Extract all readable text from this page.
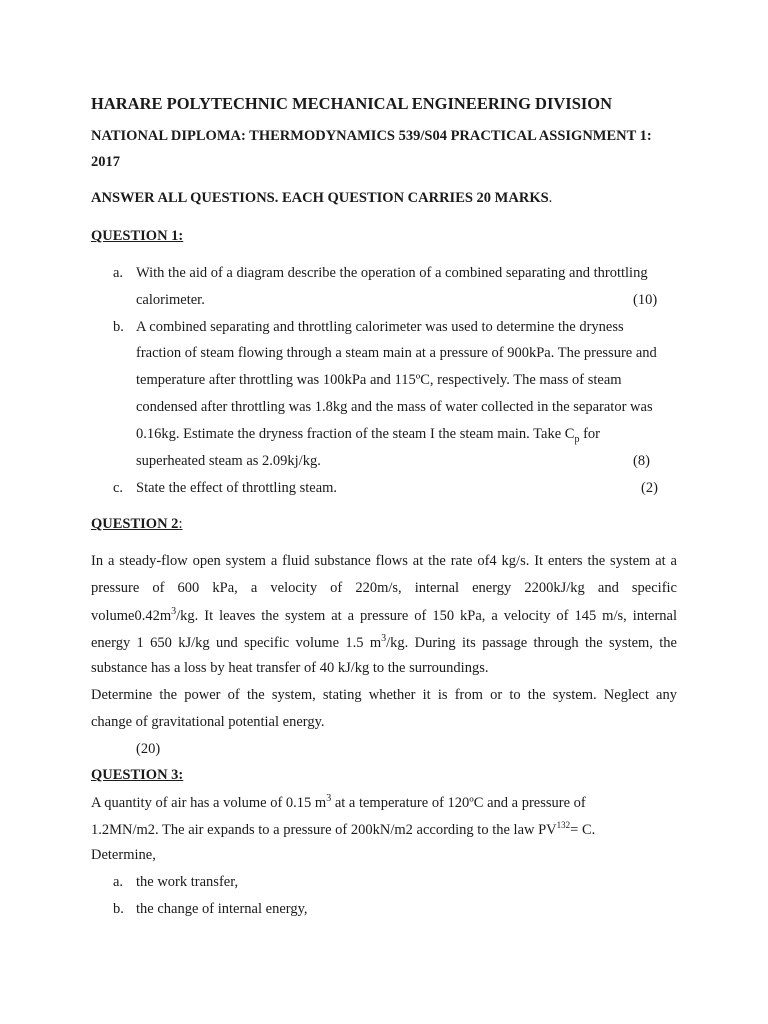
HARARE POLYTECHNIC MECHANICAL ENGINEERING DIVISION
NATIONAL DIPLOMA: THERMODYNAMICS 539/S04 PRACTICAL ASSIGNMENT 1:
2017
ANSWER ALL QUESTIONS. EACH QUESTION CARRIES 20 MARKS.
QUESTION 1:
a. With the aid of a diagram describe the operation of a combined separating and throttling
calorimeter.	(10)
b. A combined separating and throttling calorimeter was used to determine the dryness
fraction of steam flowing through a steam main at a pressure of 900kPa. The pressure and
temperature after throttling was 100kPa and 115ºC, respectively. The mass of steam
condensed after throttling was 1.8kg and the mass of water collected in the separator was
0.16kg. Estimate the dryness fraction of the steam I the steam main. Take $C_p$ for
superheated steam as 2.09kj/kg.	(8)
c. State the effect of throttling steam.	(2)
QUESTION 2:
In a steady-flow open system a fluid substance flows at the rate of4 kg/s. It enters the system at a
pressure of 600 kPa, a velocity of 220m/s, internal energy 2200kJ/kg and specific
$volume0.42m^3/kg$. It leaves the system at a pressure of 150 kPa, a velocity of 145 m/s, internal
energy 1 650 kJ/kg und specific volume 1.5 $m^3/kg$. During its passage through the system, the
substance has a loss by heat transfer of 40 kJ/kg to the surroundings.
Determine the power of the system, stating whether it is from or to the system. Neglect any
change of gravitational potential energy.
(20)
QUESTION 3:
A quantity of air has a volume of 0.15 $m^3$ at a temperature of 120ºC and a pressure of
1.2MN/m2. The air expands to a pressure of 200kN/m2 according to the law $PV^{132}= C$.
Determine,
a. the work transfer,
b. the change of internal energy,
